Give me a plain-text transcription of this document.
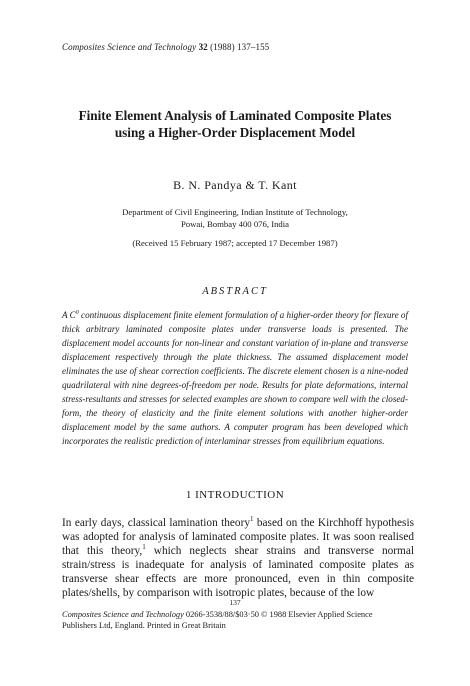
Composites Science and Technology 32 (1988) 137–155
Finite Element Analysis of Laminated Composite Plates
using a Higher-Order Displacement Model
B. N. Pandya & T. Kant
Department of Civil Engineering, Indian Institute of Technology,
Powai, Bombay 400 076, India
(Received 15 February 1987; accepted 17 December 1987)
ABSTRACT
A $C^0$ continuous displacement finite element formulation of a higher-order theory for flexure of thick arbitrary laminated composite plates under transverse loads is presented. The displacement model accounts for non-linear and constant variation of in-plane and transverse displacement respectively through the plate thickness. The assumed displacement model eliminates the use of shear correction coefficients. The discrete element chosen is a nine-noded quadrilateral with nine degrees-of-freedom per node. Results for plate deformations, internal stress-resultants and stresses for selected examples are shown to compare well with the closed-form, the theory of elasticity and the finite element solutions with another higher-order displacement model by the same authors. A computer program has been developed which incorporates the realistic prediction of interlaminar stresses from equilibrium equations.
1 INTRODUCTION
In early days, classical lamination theory$^1$ based on the Kirchhoff hypothesis was adopted for analysis of laminated composite plates. It was soon realised that this theory,$^1$ which neglects shear strains and transverse normal strain/stress is inadequate for analysis of laminated composite plates as transverse shear effects are more pronounced, even in thin composite plates/shells, by comparison with isotropic plates, because of the low
137
Composites Science and Technology 0266-3538/88/$03·50 © 1988 Elsevier Applied Science
Publishers Ltd, England. Printed in Great Britain
